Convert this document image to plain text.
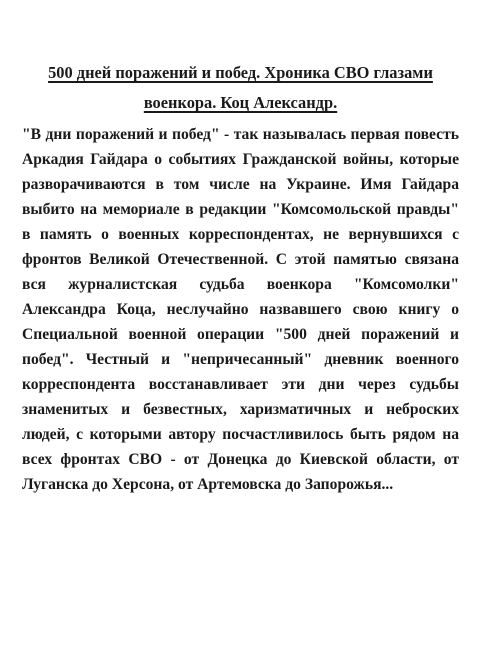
500 дней поражений и побед. Хроника СВО глазами военкора. Коц Александр.

"В дни поражений и побед" - так называлась первая повесть Аркадия Гайдара о событиях Гражданской войны, которые разворачиваются в том числе на Украине. Имя Гайдара выбито на мемориале в редакции "Комсомольской правды" в память о военных корреспондентах, не вернувшихся с фронтов Великой Отечественной. С этой памятью связана вся журналистская судьба военкора "Комсомолки" Александра Коца, неслучайно назвавшего свою книгу о Специальной военной операции "500 дней поражений и побед". Честный и "непричесанный" дневник военного корреспондента восстанавливает эти дни через судьбы знаменитых и безвестных, харизматичных и неброских людей, с которыми автору посчастливилось быть рядом на всех фронтах СВО - от Донецка до Киевской области, от Луганска до Херсона, от Артемовска до Запорожья...
